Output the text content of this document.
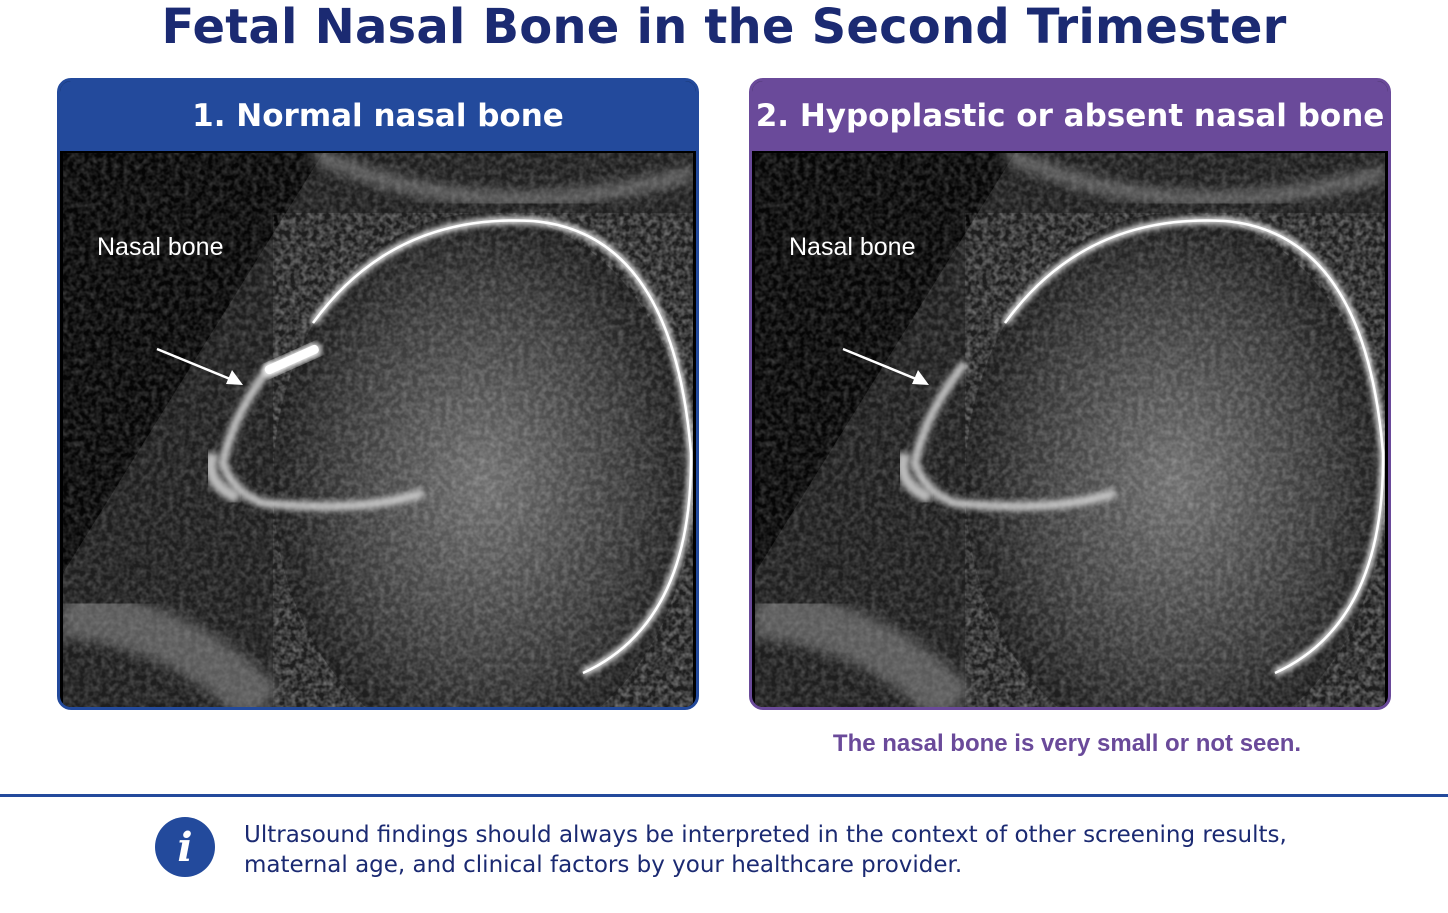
Fetal Nasal Bone in the Second Trimester
1. Normal nasal bone
Nasal bone
2. Hypoplastic or absent nasal bone
Nasal bone
The nasal bone is very small or not seen.
i Ultrasound findings should always be interpreted in the context of other screening results,
maternal age, and clinical factors by your healthcare provider.
